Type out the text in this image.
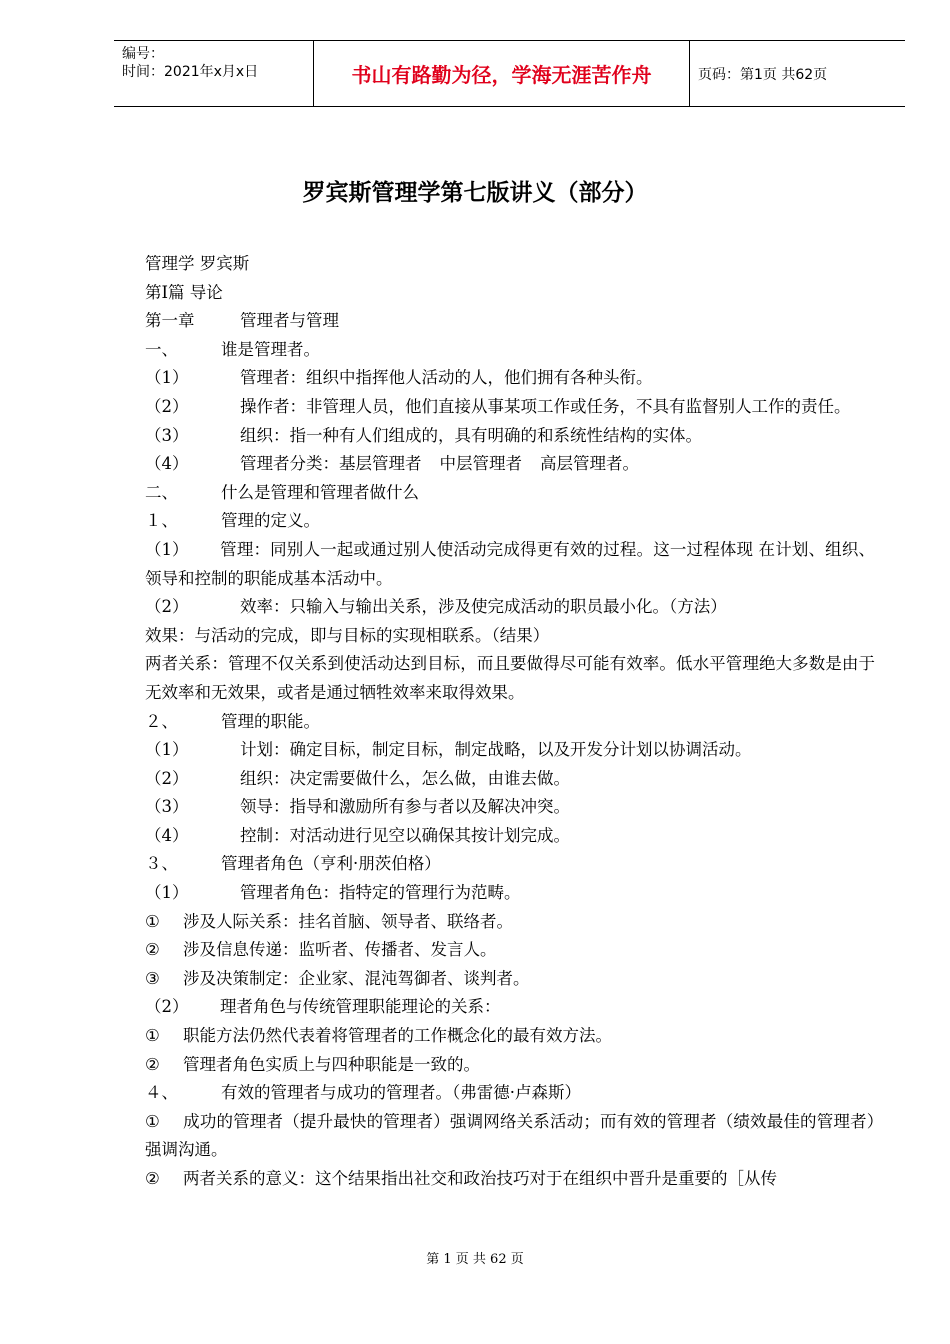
编号：
时间：2021年x月x日	书山有路勤为径，学海无涯苦作舟	页码：第1页 共62页
罗宾斯管理学第七版讲义（部分）

管理学 罗宾斯

第Ⅰ篇 导论

第一章	管理者与管理

一、	谁是管理者。

（1）	管理者：组织中指挥他人活动的人，他们拥有各种头衔。

（2）	操作者：非管理人员，他们直接从事某项工作或任务，不具有监督别人工作的责任。

（3）	组织：指一种有人们组成的，具有明确的和系统性结构的实体。

（4）	管理者分类：基层管理者 中层管理者 高层管理者。

二、	什么是管理和管理者做什么

１、	管理的定义。

（1） 管理：同别人一起或通过别人使活动完成得更有效的过程。这一过程体现 在计划、组织、领导和控制的职能成基本活动中。

（2）	效率：只输入与输出关系，涉及使完成活动的职员最小化。（方法）

效果：与活动的完成，即与目标的实现相联系。（结果）

两者关系：管理不仅关系到使活动达到目标，而且要做得尽可能有效率。低水平管理绝大多数是由于无效率和无效果，或者是通过牺牲效率来取得效果。

２、	管理的职能。

（1）	计划：确定目标，制定目标，制定战略，以及开发分计划以协调活动。

（2）	组织：决定需要做什么，怎么做，由谁去做。

（3）	领导：指导和激励所有参与者以及解决冲突。

（4）	控制：对活动进行见空以确保其按计划完成。

３、	管理者角色（亨利·朋茨伯格）

（1）	管理者角色：指特定的管理行为范畴。

① 涉及人际关系：挂名首脑、领导者、联络者。

② 涉及信息传递：监听者、传播者、发言人。

③ 涉及决策制定：企业家、混沌驾御者、谈判者。

（2） 理者角色与传统管理职能理论的关系：

① 职能方法仍然代表着将管理者的工作概念化的最有效方法。

② 管理者角色实质上与四种职能是一致的。

４、	有效的管理者与成功的管理者。（弗雷德·卢森斯）

① 成功的管理者（提升最快的管理者）强调网络关系活动；而有效的管理者（绩效最佳的管理者）强调沟通。

② 两者关系的意义：这个结果指出社交和政治技巧对于在组织中晋升是重要的［从传

第 1 页 共 62 页
